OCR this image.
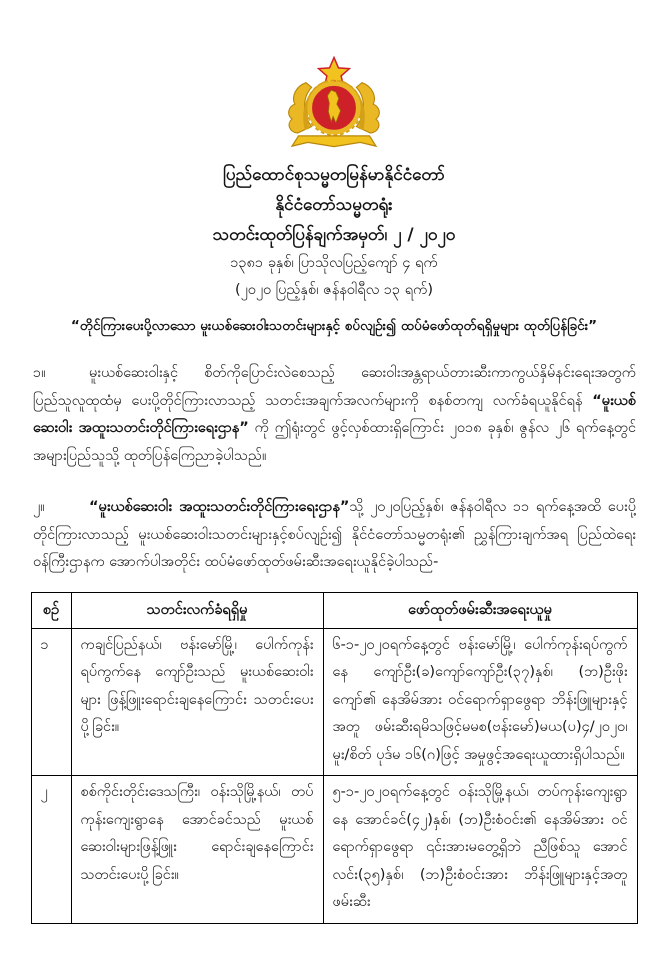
ပြည်ထောင်စုသမ္မတမြန်မာနိုင်ငံတော်
နိုင်ငံတော်သမ္မတရုံး
သတင်းထုတ်ပြန်ချက်အမှတ်၊ ၂ / ၂၀၂၀
၁၃၈၁ ခုနှစ်၊ ပြာသိုလပြည့်ကျော် ၄ ရက်
(၂၀၂၀ ပြည့်နှစ်၊ ဇန်နဝါရီလ ၁၃ ရက်)
“တိုင်ကြားပေးပို့လာသော မူးယစ်ဆေးဝါးသတင်းများနှင့် စပ်လျဉ်း၍ ထပ်မံဖော်ထုတ်ရရှိမှုများ ထုတ်ပြန်ခြင်း”

၁။	မူးယစ်ဆေးဝါးနှင့် စိတ်ကိုပြောင်းလဲစေသည့် ဆေးဝါးအန္တရာယ်တားဆီးကာကွယ်နှိမ်နင်းရေးအတွက် ပြည်သူလူထုထံမှ ပေးပို့တိုင်ကြားလာသည့် သတင်းအချက်အလက်များကို စနစ်တကျ လက်ခံရယူနိုင်ရန် “မူးယစ်ဆေးဝါး အထူးသတင်းတိုင်ကြားရေးဌာန” ကို ဤရုံးတွင် ဖွင့်လှစ်ထားရှိကြောင်း ၂၀၁၈ ခုနှစ်၊ ဇွန်လ ၂၆ ရက်နေ့တွင် အများပြည်သူသို့ ထုတ်ပြန်ကြေညာခဲ့ပါသည်။

၂။	“မူးယစ်ဆေးဝါး အထူးသတင်းတိုင်ကြားရေးဌာန”သို့ ၂၀၂၀ပြည့်နှစ်၊ ဇန်နဝါရီလ ၁၁ ရက်နေ့အထိ ပေးပို့တိုင်ကြားလာသည့် မူးယစ်ဆေးဝါးသတင်းများနှင့်စပ်လျဉ်း၍ နိုင်ငံတော်သမ္မတရုံး၏ ညွှန်ကြားချက်အရ ပြည်ထဲရေးဝန်ကြီးဌာနက အောက်ပါအတိုင်း ထပ်မံဖော်ထုတ်ဖမ်းဆီးအရေးယူနိုင်ခဲ့ပါသည်-

စဉ်	သတင်းလက်ခံရရှိမှု	ဖော်ထုတ်ဖမ်းဆီးအရေးယူမှု
၁	ကချင်ပြည်နယ်၊ ဗန်းမော်မြို့၊ ပေါက်ကုန်းရပ်ကွက်နေ ကျော်ဦးသည် မူးယစ်ဆေးဝါးများ ဖြန့်ဖြူးရောင်းချနေကြောင်း သတင်းပေးပို့ခြင်း။	၆-၁-၂၀၂၀ရက်နေ့တွင် ဗန်းမော်မြို့၊ ပေါက်ကုန်းရပ်ကွက်နေ ကျော်ဦး(ခ)ကျော်ကျော်ဦး(၃၇)နှစ်၊ (ဘ)ဦးဖိုးကျော်၏ နေအိမ်အား ဝင်ရောက်ရှာဖွေရာ ဘိန်းဖြူများနှင့်အတူ ဖမ်းဆီးရမိသဖြင့်မမစ(ဗန်းမော်)မယ(ပ)၄/၂၀၂၀၊ မူး/စိတ် ပုဒ်မ ၁၆(ဂ)ဖြင့် အမှုဖွင့်အရေးယူထားရှိပါသည်။
၂	စစ်ကိုင်းတိုင်းဒေသကြီး၊ ဝန်းသိုမြို့နယ်၊ တပ်ကုန်းကျေးရွာနေ အောင်ခင်သည် မူးယစ်ဆေးဝါးများဖြန့်ဖြူး ရောင်းချနေကြောင်း သတင်းပေးပို့ခြင်း။	၅-၁-၂၀၂၀ရက်နေ့တွင် ဝန်းသိုမြို့နယ်၊ တပ်ကုန်းကျေးရွာနေ အောင်ခင်(၄၂)နှစ်၊ (ဘ)ဦးစံဝင်း၏ နေအိမ်အား ဝင်ရောက်ရှာဖွေရာ ၎င်းအားမတွေ့ရှိဘဲ ညီဖြစ်သူ အောင်လင်း(၃၅)နှစ်၊ (ဘ)ဦးစံဝင်းအား ဘိန်းဖြူများနှင့်အတူ ဖမ်းဆီး
